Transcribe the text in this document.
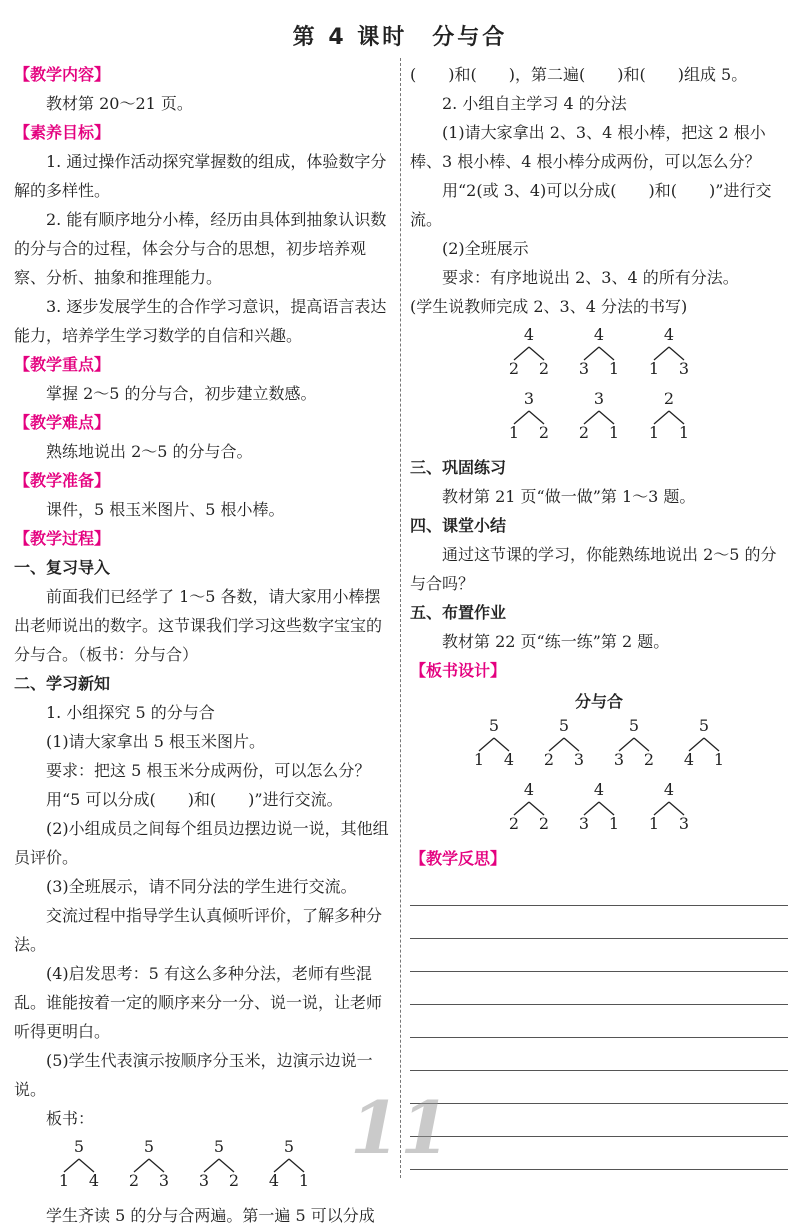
第 4 课时　分与合
【教学内容】

教材第 20～21 页。

【素养目标】

1. 通过操作活动探究掌握数的组成，体验数字分解的多样性。

2. 能有顺序地分小棒，经历由具体到抽象认识数的分与合的过程，体会分与合的思想，初步培养观察、分析、抽象和推理能力。

3. 逐步发展学生的合作学习意识，提高语言表达能力，培养学生学习数学的自信和兴趣。

【教学重点】

掌握 2～5 的分与合，初步建立数感。

【教学难点】

熟练地说出 2～5 的分与合。

【教学准备】

课件，5 根玉米图片、5 根小棒。

【教学过程】

一、复习导入

前面我们已经学了 1～5 各数，请大家用小棒摆出老师说出的数字。这节课我们学习这些数字宝宝的分与合。（板书：分与合）

二、学习新知

1. 小组探究 5 的分与合

(1)请大家拿出 5 根玉米图片。

要求：把这 5 根玉米分成两份，可以怎么分？

用“5 可以分成(　　)和(　　)”进行交流。

(2)小组成员之间每个组员边摆边说一说，其他组员评价。

(3)全班展示，请不同分法的学生进行交流。

交流过程中指导学生认真倾听评价，了解多种分法。

(4)启发思考：5 有这么多种分法，老师有些混乱。谁能按着一定的顺序来分一分、说一说，让老师听得更明白。

(5)学生代表演示按顺序分玉米，边演示边说一说。

板书：

5
1 4
5
2 3
5
3 2
5
4 1

学生齐读 5 的分与合两遍。第一遍 5 可以分成

(　　)和(　　)，第二遍(　　)和(　　)组成 5。

2. 小组自主学习 4 的分法

(1)请大家拿出 2、3、4 根小棒，把这 2 根小棒、3 根小棒、4 根小棒分成两份，可以怎么分？

用“2(或 3、4)可以分成(　　)和(　　)”进行交流。

(2)全班展示

要求：有序地说出 2、3、4 的所有分法。

(学生说教师完成 2、3、4 分法的书写)

4
2 2
4
3 1
4
1 3
3
1 2
3
2 1
2
1 1

三、巩固练习

教材第 21 页“做一做”第 1～3 题。

四、课堂小结

通过这节课的学习，你能熟练地说出 2～5 的分与合吗？

五、布置作业

教材第 22 页“练一练”第 2 题。

【板书设计】
分与合
5
1 4
5
2 3
5
3 2
5
4 1
4
2 2
4
3 1
4
1 3
【教学反思】
11
